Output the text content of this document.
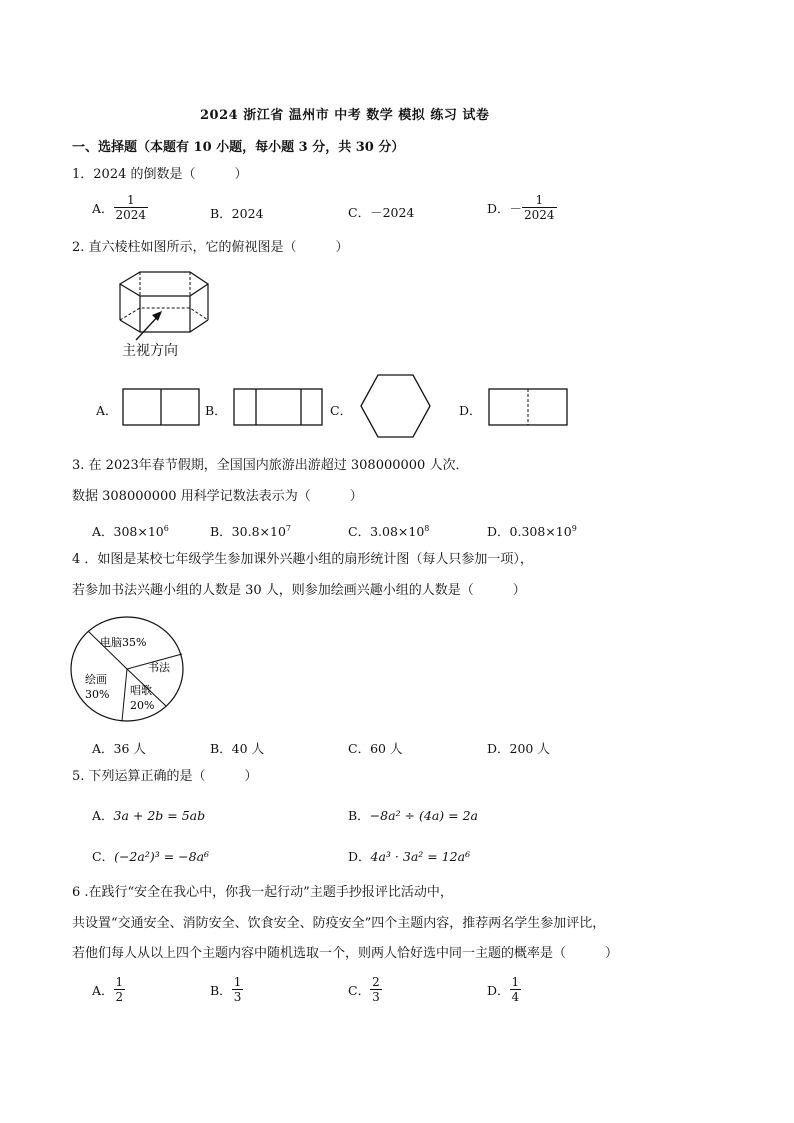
2024 浙江省 温州市 中考 数学 模拟 练习 试卷
一、选择题（本题有 10 小题，每小题 3 分，共 30 分）
1．2024 的倒数是（　　　）
A． $\frac{1}{2024}$	B．2024	C．－2024	D．－ $\frac{1}{2024}$
2. 直六棱柱如图所示，它的俯视图是（　　　）
主视方向
A．	B．	C．	D．
3. 在 2023年春节假期，全国国内旅游出游超过 308000000 人次．
数据 308000000 用科学记数法表示为（　　　）
A．$308\times 10^6$	B．$30.8\times 10^7$	C．$3.08\times 10^8$	D．$0.308\times 10^9$
4 ．如图是某校七年级学生参加课外兴趣小组的扇形统计图（每人只参加一项），
若参加书法兴趣小组的人数是 30 人，则参加绘画兴趣小组的人数是（　　　）
电脑35%
书法
绘画
30% 唱歌
20%
A．36 人	B．40 人	C．60 人	D．200 人
5. 下列运算正确的是（　　　）
A．3a + 2b = 5ab	B．−8a² ÷ (4a) = 2a
C．(−2a²)³ = −8a⁶	D．4a³ · 3a² = 12a⁶
6 .在践行“安全在我心中，你我一起行动”主题手抄报评比活动中，
共设置“交通安全、消防安全、饮食安全、防疫安全”四个主题内容，推荐两名学生参加评比，
若他们每人从以上四个主题内容中随机选取一个，则两人恰好选中同一主题的概率是（　　　）
A． $\frac{1}{2}$	B． $\frac{1}{3}$	C． $\frac{2}{3}$	D． $\frac{1}{4}$
